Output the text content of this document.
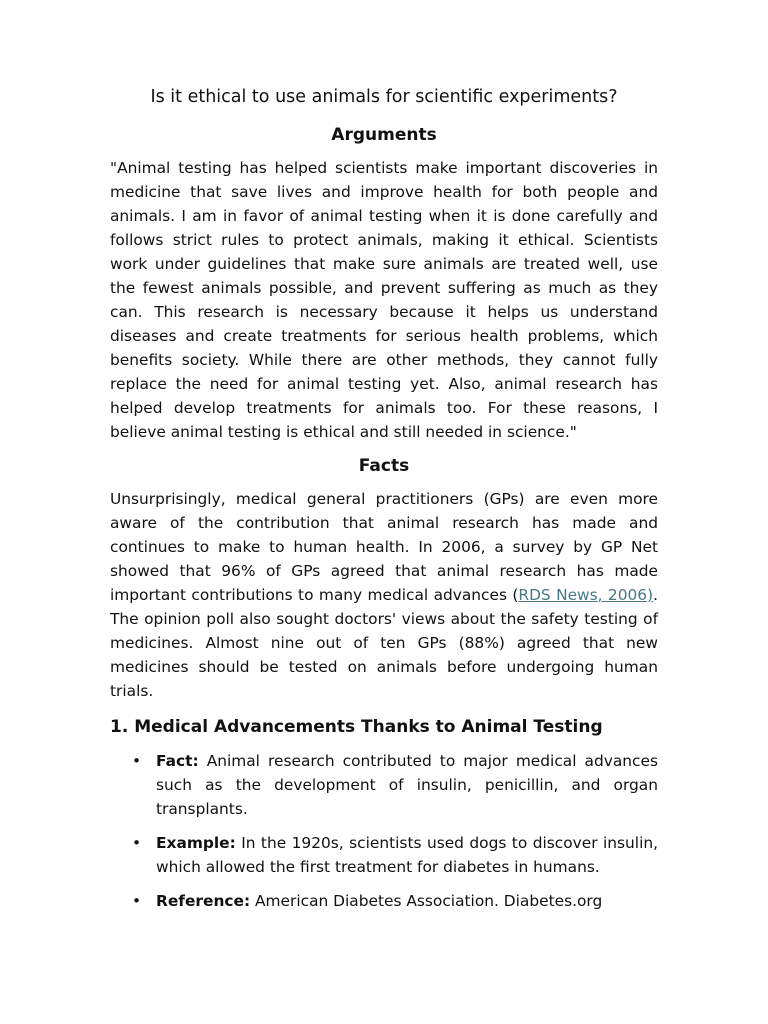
Is it ethical to use animals for scientific experiments?
Arguments

"Animal testing has helped scientists make important discoveries in medicine that save lives and improve health for both people and animals. I am in favor of animal testing when it is done carefully and follows strict rules to protect animals, making it ethical. Scientists work under guidelines that make sure animals are treated well, use the fewest animals possible, and prevent suffering as much as they can. This research is necessary because it helps us understand diseases and create treatments for serious health problems, which benefits society. While there are other methods, they cannot fully replace the need for animal testing yet. Also, animal research has helped develop treatments for animals too. For these reasons, I believe animal testing is ethical and still needed in science."

Facts

Unsurprisingly, medical general practitioners (GPs) are even more aware of the contribution that animal research has made and continues to make to human health. In 2006, a survey by GP Net showed that 96% of GPs agreed that animal research has made important contributions to many medical advances (RDS News, 2006). The opinion poll also sought doctors' views about the safety testing of medicines. Almost nine out of ten GPs (88%) agreed that new medicines should be tested on animals before undergoing human trials.

1. Medical Advancements Thanks to Animal Testing
• Fact: Animal research contributed to major medical advances such as the development of insulin, penicillin, and organ transplants.
• Example: In the 1920s, scientists used dogs to discover insulin, which allowed the first treatment for diabetes in humans.
• Reference: American Diabetes Association. Diabetes.org
